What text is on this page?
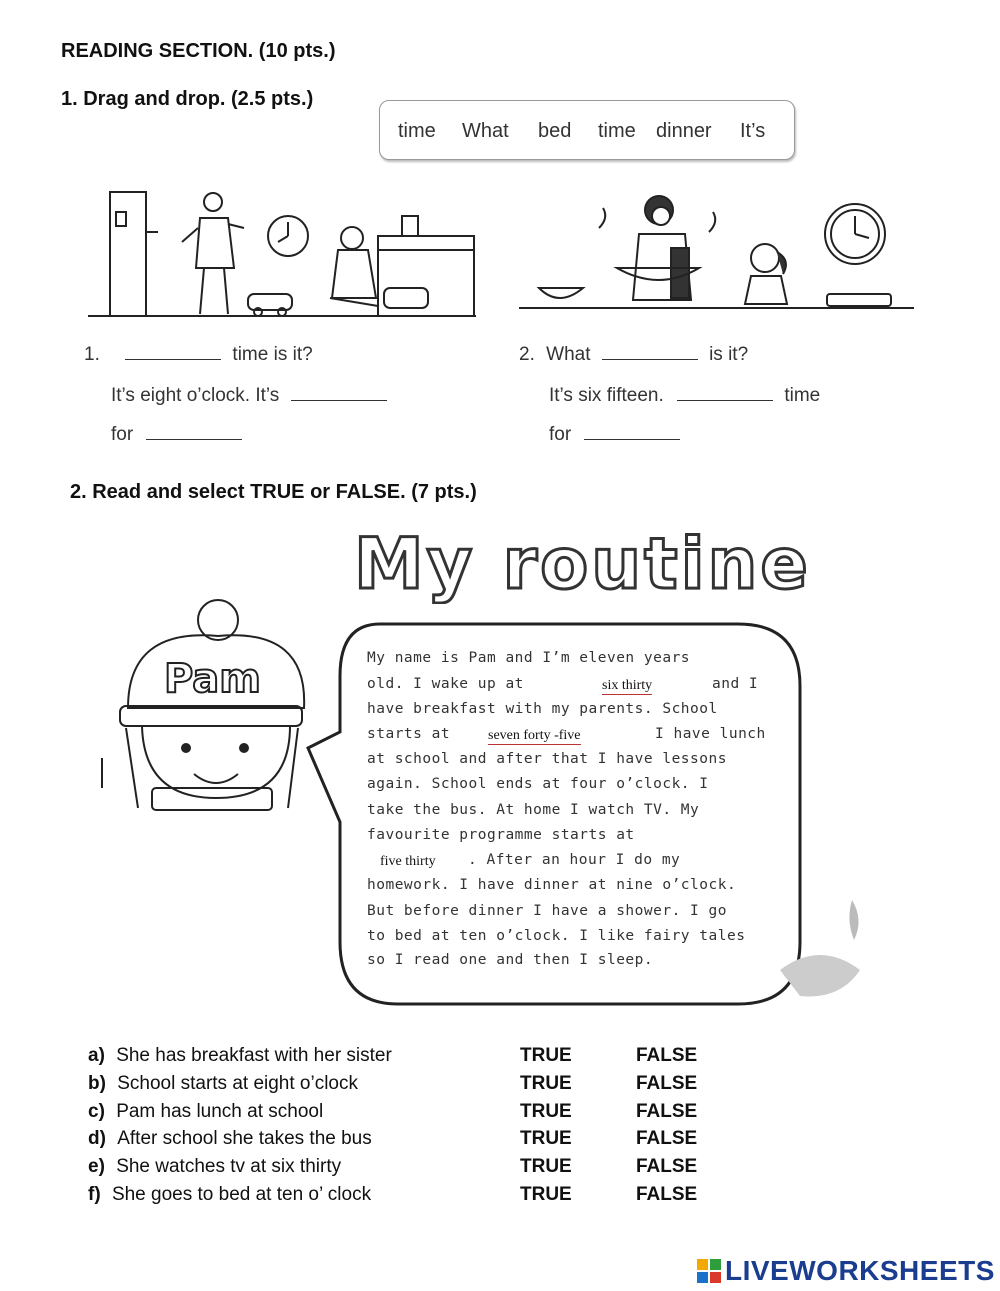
READING SECTION. (10 pts.)
1. Drag and drop. (2.5 pts.)
time What bed time dinner It’s
1.	time is it?
It’s eight o’clock. It’s
for
2. What	is it?
It’s six fifteen.	time
for
2. Read and select TRUE or FALSE. (7 pts.)
My routine
Pam	My name is Pam and I’m eleven years
old. I wake up at	six thirty	and I
have breakfast with my parents. School
starts at	seven forty -five	I have lunch
at school and after that I have lessons
again. School ends at four o’clock. I
take the bus. At home I watch TV. My
favourite programme starts at
five thirty . After an hour I do my
homework. I have dinner at nine o’clock.
But before dinner I have a shower. I go
to bed at ten o’clock. I like fairy tales
so I read one and then I sleep.
a) She has breakfast with her sister	TRUE	FALSE
b) School starts at eight o’clock	TRUE	FALSE
c) Pam has lunch at school	TRUE	FALSE
d) After school she takes the bus	TRUE	FALSE
e) She watches tv at six thirty	TRUE	FALSE
f) She goes to bed at ten o’ clock	TRUE	FALSE
LIVEWORKSHEETS
